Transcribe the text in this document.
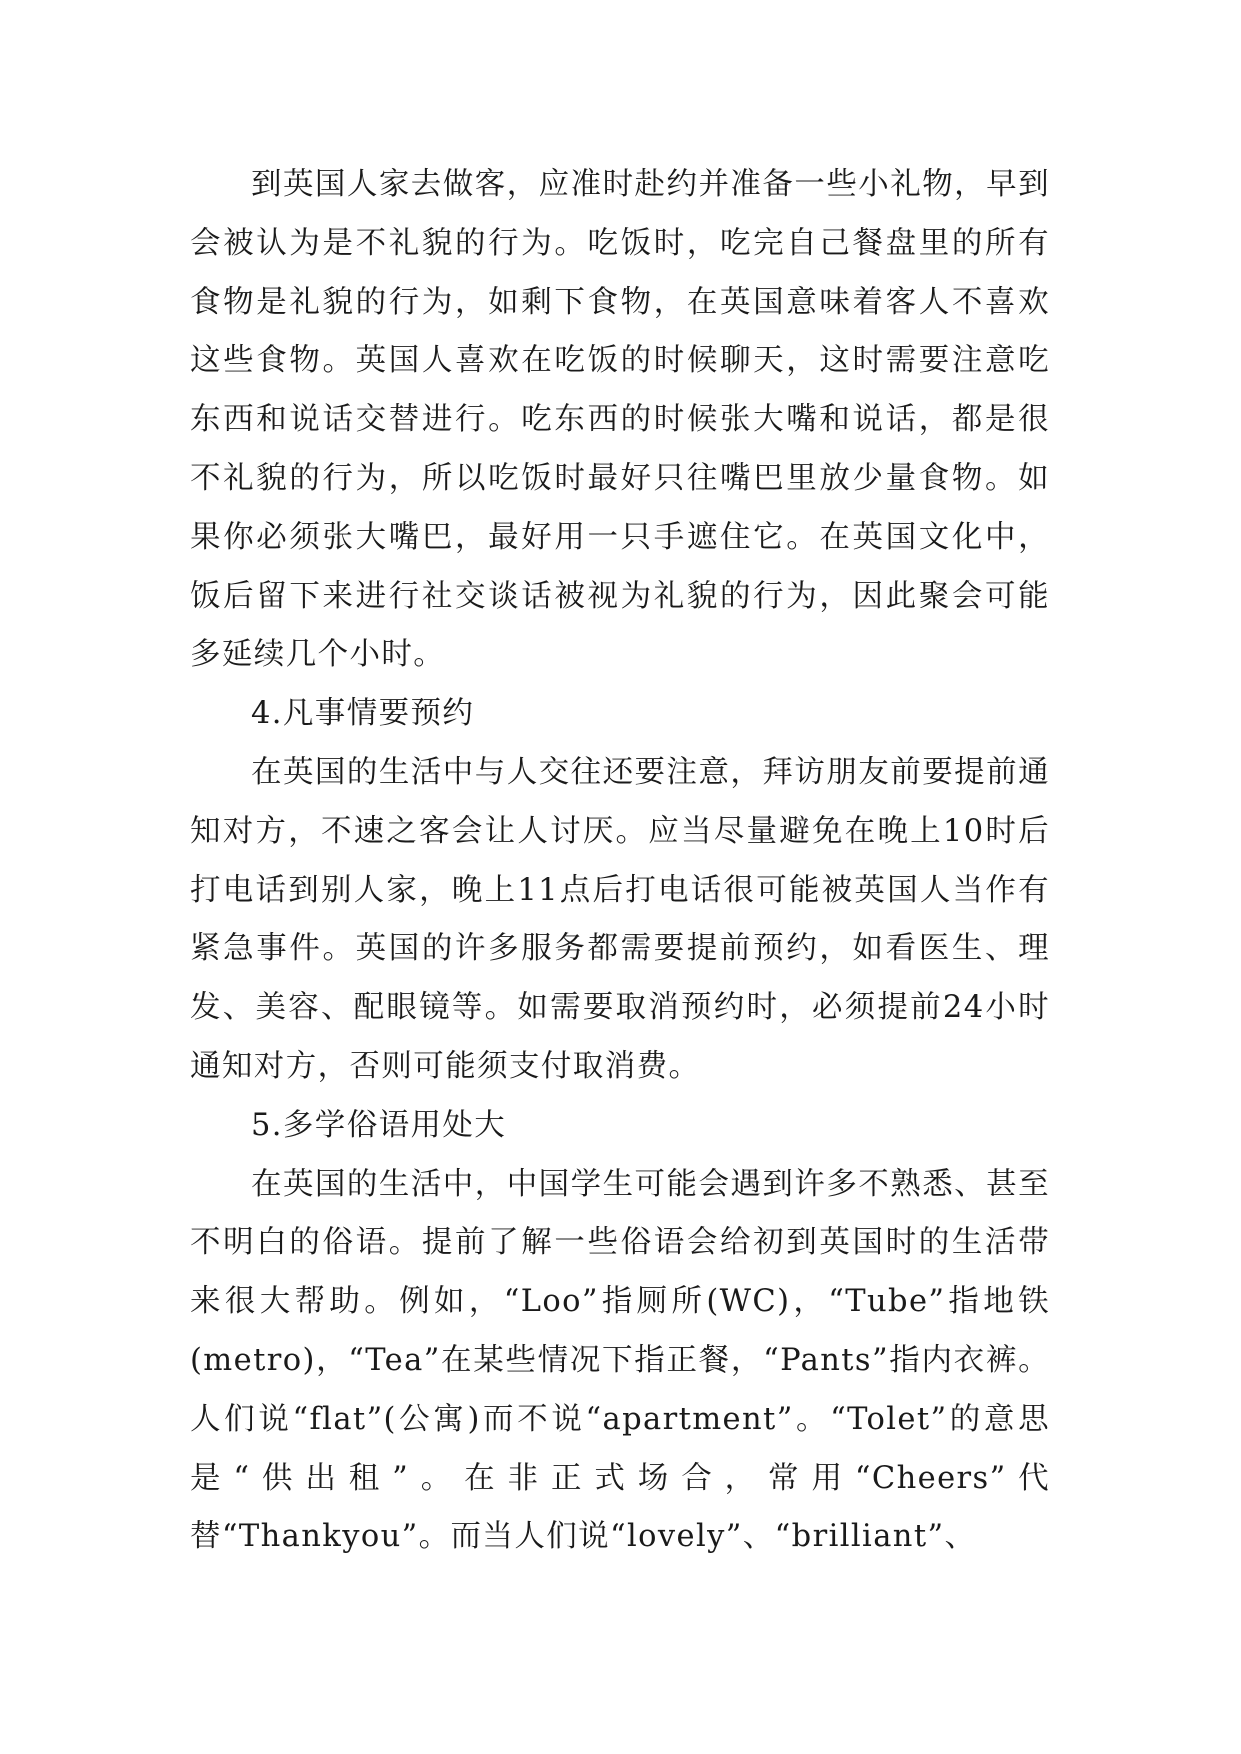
到英国人家去做客，应准时赴约并准备一些小礼物，早到会被认为是不礼貌的行为。吃饭时，吃完自己餐盘里的所有食物是礼貌的行为，如剩下食物，在英国意味着客人不喜欢这些食物。英国人喜欢在吃饭的时候聊天，这时需要注意吃东西和说话交替进行。吃东西的时候张大嘴和说话，都是很不礼貌的行为，所以吃饭时最好只往嘴巴里放少量食物。如果你必须张大嘴巴，最好用一只手遮住它。在英国文化中，饭后留下来进行社交谈话被视为礼貌的行为，因此聚会可能多延续几个小时。

4.凡事情要预约

在英国的生活中与人交往还要注意，拜访朋友前要提前通知对方，不速之客会让人讨厌。应当尽量避免在晚上10时后打电话到别人家，晚上11点后打电话很可能被英国人当作有紧急事件。英国的许多服务都需要提前预约，如看医生、理发、美容、配眼镜等。如需要取消预约时，必须提前24小时通知对方，否则可能须支付取消费。

5.多学俗语用处大

在英国的生活中，中国学生可能会遇到许多不熟悉、甚至不明白的俗语。提前了解一些俗语会给初到英国时的生活带来很大帮助。例如，“Loo”指厕所(WC)，“Tube”指地铁(metro)，“Tea”在某些情况下指正餐，“Pants”指内衣裤。人们说“flat”(公寓)而不说“apartment”。“Tolet”的意思是“供出租”。在非正式场合，常用“Cheers”代替“Thankyou”。而当人们说“lovely”、“brilliant”、
